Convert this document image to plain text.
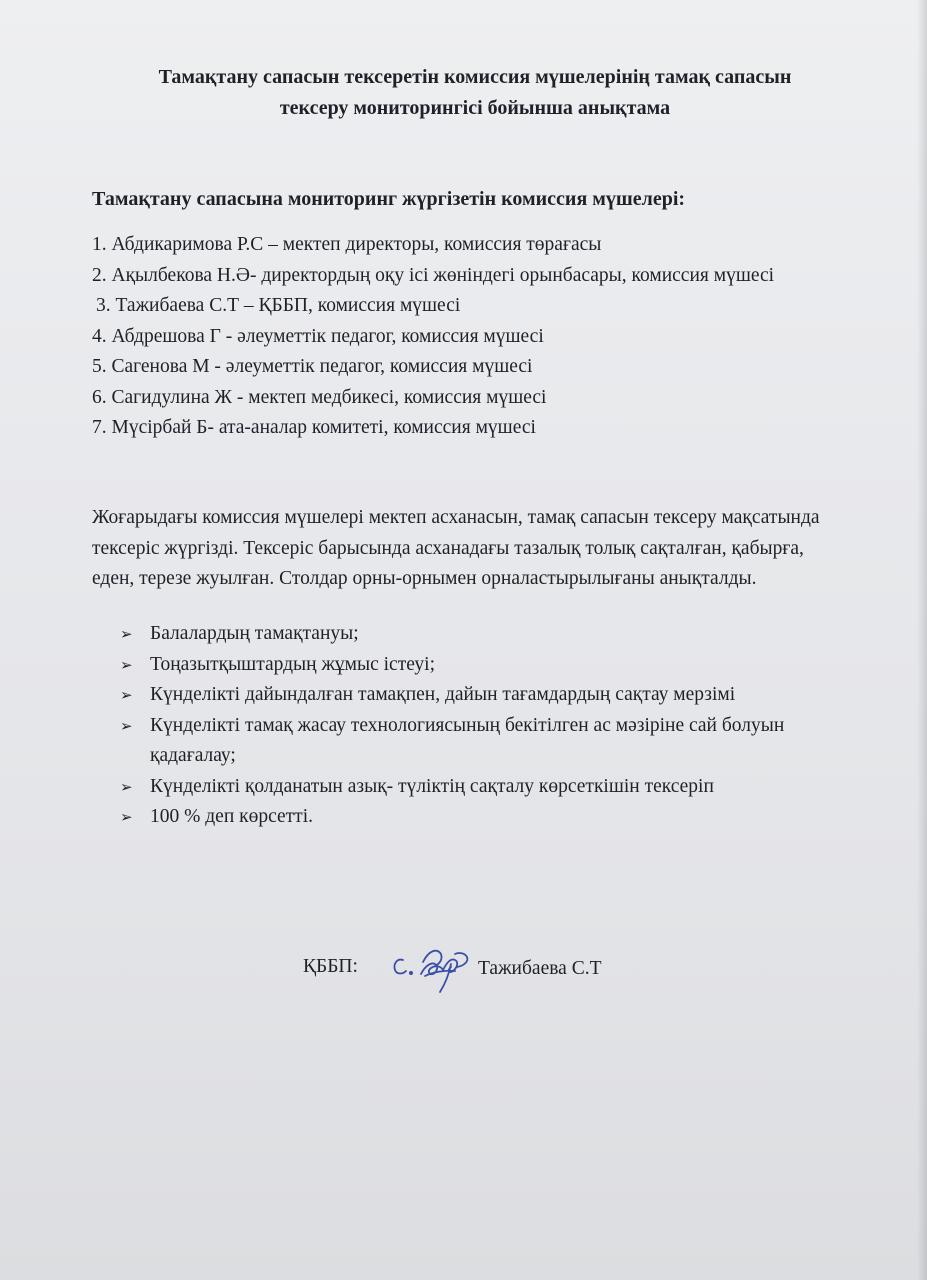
Тамақтану сапасын тексеретін комиссия мүшелерінің тамақ сапасын
тексеру мониторингісі бойынша анықтама
Тамақтану сапасына мониторинг жүргізетін комиссия мүшелері:
1. Абдикаримова Р.С – мектеп директоры, комиссия төрағасы
2. Ақылбекова Н.Ә- директордың оқу ісі жөніндегі орынбасары, комиссия мүшесі
3. Тажибаева С.Т – ҚББП, комиссия мүшесі
4. Абдрешова Г - әлеуметтік педагог, комиссия мүшесі
5. Сагенова М - әлеуметтік педагог, комиссия мүшесі
6. Сагидулина Ж - мектеп медбикесі, комиссия мүшесі
7. Мүсірбай Б- ата-аналар комитеті, комиссия мүшесі

Жоғарыдағы комиссия мүшелері мектеп асханасын, тамақ сапасын тексеру мақсатында тексеріс жүргізді. Тексеріс барысында асханадағы тазалық толық сақталған, қабырға, еден, терезе жуылған. Столдар орны-орнымен орналастырылығаны анықталды.

➢ Балалардың тамақтануы;
➢ Тоңазытқыштардың жұмыс істеуі;
➢ Күнделікті дайындалған тамақпен, дайын тағамдардың сақтау мерзімі
➢ Күнделікті тамақ жасау технологиясының бекітілген ас мәзіріне сай болуын қадағалау;
➢ Күнделікті қолданатын азық- түліктің сақталу көрсеткішін тексеріп
➢ 100 % деп көрсетті.
ҚББП:	Тажибаева С.Т
